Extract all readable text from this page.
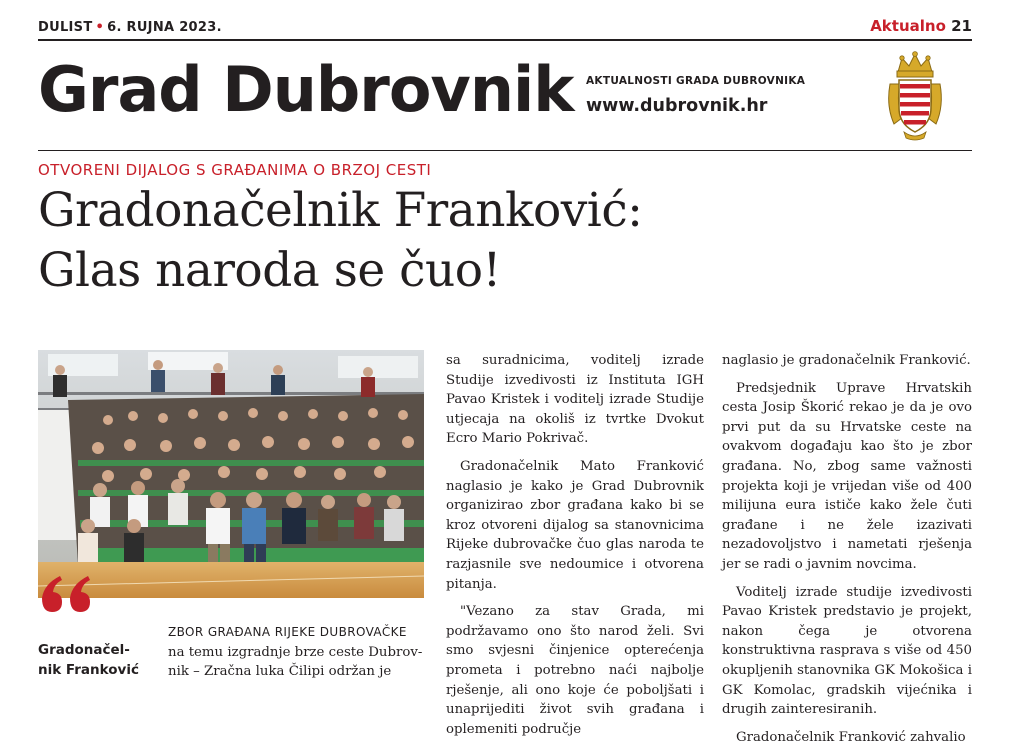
DULIST • 6. RUJNA 2023.	Aktualno 21
Grad Dubrovnik AKTUALNOSTI GRADA DUBROVNIKA
www.dubrovnik.hr
OTVORENI DIJALOG S GRAĐANIMA O BRZOJ CESTI
Gradonačelnik Franković:
Glas naroda se čuo!
Gradonačel-nik Franković

ZBOR GRAĐANA RIJEKE DUBROVAČKE

na temu izgradnje brze ceste Dubrov-

nik – Zračna luka Čilipi održan je

sa suradnicima, voditelj izrade Studije izvedivosti iz Instituta IGH Pavao Kristek i voditelj izrade Studije utjecaja na okoliš iz tvrtke Dvokut Ecro Mario Pokrivač.

Gradonačelnik Mato Franković naglasio je kako je Grad Dubrovnik organizirao zbor građana kako bi se kroz otvoreni dijalog sa stanovnicima Rijeke dubrovačke čuo glas naroda te razjasnile sve nedoumice i otvorena pitanja.

"Vezano za stav Grada, mi podržavamo ono što narod želi. Svi smo svjesni činjenice opterećenja prometa i potrebno naći najbolje rješenje, ali ono koje će poboljšati i unaprijediti život svih građana i oplemeniti područje

naglasio je gradonačelnik Franković.

Predsjednik Uprave Hrvatskih cesta Josip Škorić rekao je da je ovo prvi put da su Hrvatske ceste na ovakvom događaju kao što je zbor građana. No, zbog same važnosti projekta koji je vrijedan više od 400 milijuna eura ističe kako žele čuti građane i ne žele izazivati nezadovoljstvo i nametati rješenja jer se radi o javnim novcima.

Voditelj izrade studije izvedivosti Pavao Kristek predstavio je projekt, nakon čega je otvorena konstruktivna rasprava s više od 450 okupljenih stanovnika GK Mokošica i GK Komolac, gradskih vijećnika i drugih zainteresiranih.

Gradonačelnik Franković zahvalio
